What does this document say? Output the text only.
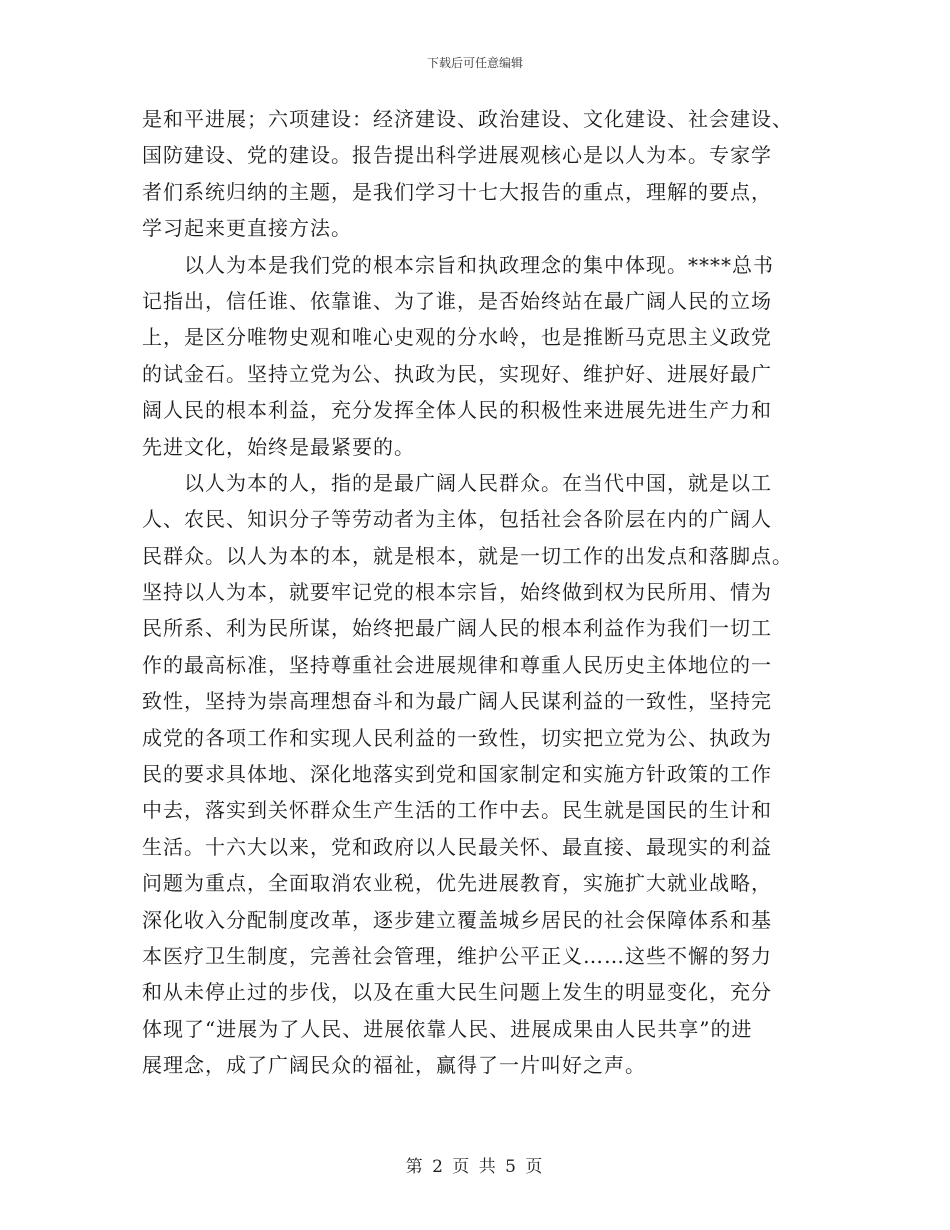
下载后可任意编辑
是和平进展；六项建设：经济建设、政治建设、文化建设、社会建设、
国防建设、党的建设。报告提出科学进展观核心是以人为本。专家学
者们系统归纳的主题，是我们学习十七大报告的重点，理解的要点，
学习起来更直接方法。
　　以人为本是我们党的根本宗旨和执政理念的集中体现。****总书
记指出，信任谁、依靠谁、为了谁，是否始终站在最广阔人民的立场
上，是区分唯物史观和唯心史观的分水岭，也是推断马克思主义政党
的试金石。坚持立党为公、执政为民，实现好、维护好、进展好最广
阔人民的根本利益，充分发挥全体人民的积极性来进展先进生产力和
先进文化，始终是最紧要的。
　　以人为本的人，指的是最广阔人民群众。在当代中国，就是以工
人、农民、知识分子等劳动者为主体，包括社会各阶层在内的广阔人
民群众。以人为本的本，就是根本，就是一切工作的出发点和落脚点。
坚持以人为本，就要牢记党的根本宗旨，始终做到权为民所用、情为
民所系、利为民所谋，始终把最广阔人民的根本利益作为我们一切工
作的最高标准，坚持尊重社会进展规律和尊重人民历史主体地位的一
致性，坚持为崇高理想奋斗和为最广阔人民谋利益的一致性，坚持完
成党的各项工作和实现人民利益的一致性，切实把立党为公、执政为
民的要求具体地、深化地落实到党和国家制定和实施方针政策的工作
中去，落实到关怀群众生产生活的工作中去。民生就是国民的生计和
生活。十六大以来，党和政府以人民最关怀、最直接、最现实的利益
问题为重点，全面取消农业税，优先进展教育，实施扩大就业战略，
深化收入分配制度改革，逐步建立覆盖城乡居民的社会保障体系和基
本医疗卫生制度，完善社会管理，维护公平正义……这些不懈的努力
和从未停止过的步伐，以及在重大民生问题上发生的明显变化，充分
体现了“进展为了人民、进展依靠人民、进展成果由人民共享”的进
展理念，成了广阔民众的福祉，赢得了一片叫好之声。
第 2 页 共 5 页
